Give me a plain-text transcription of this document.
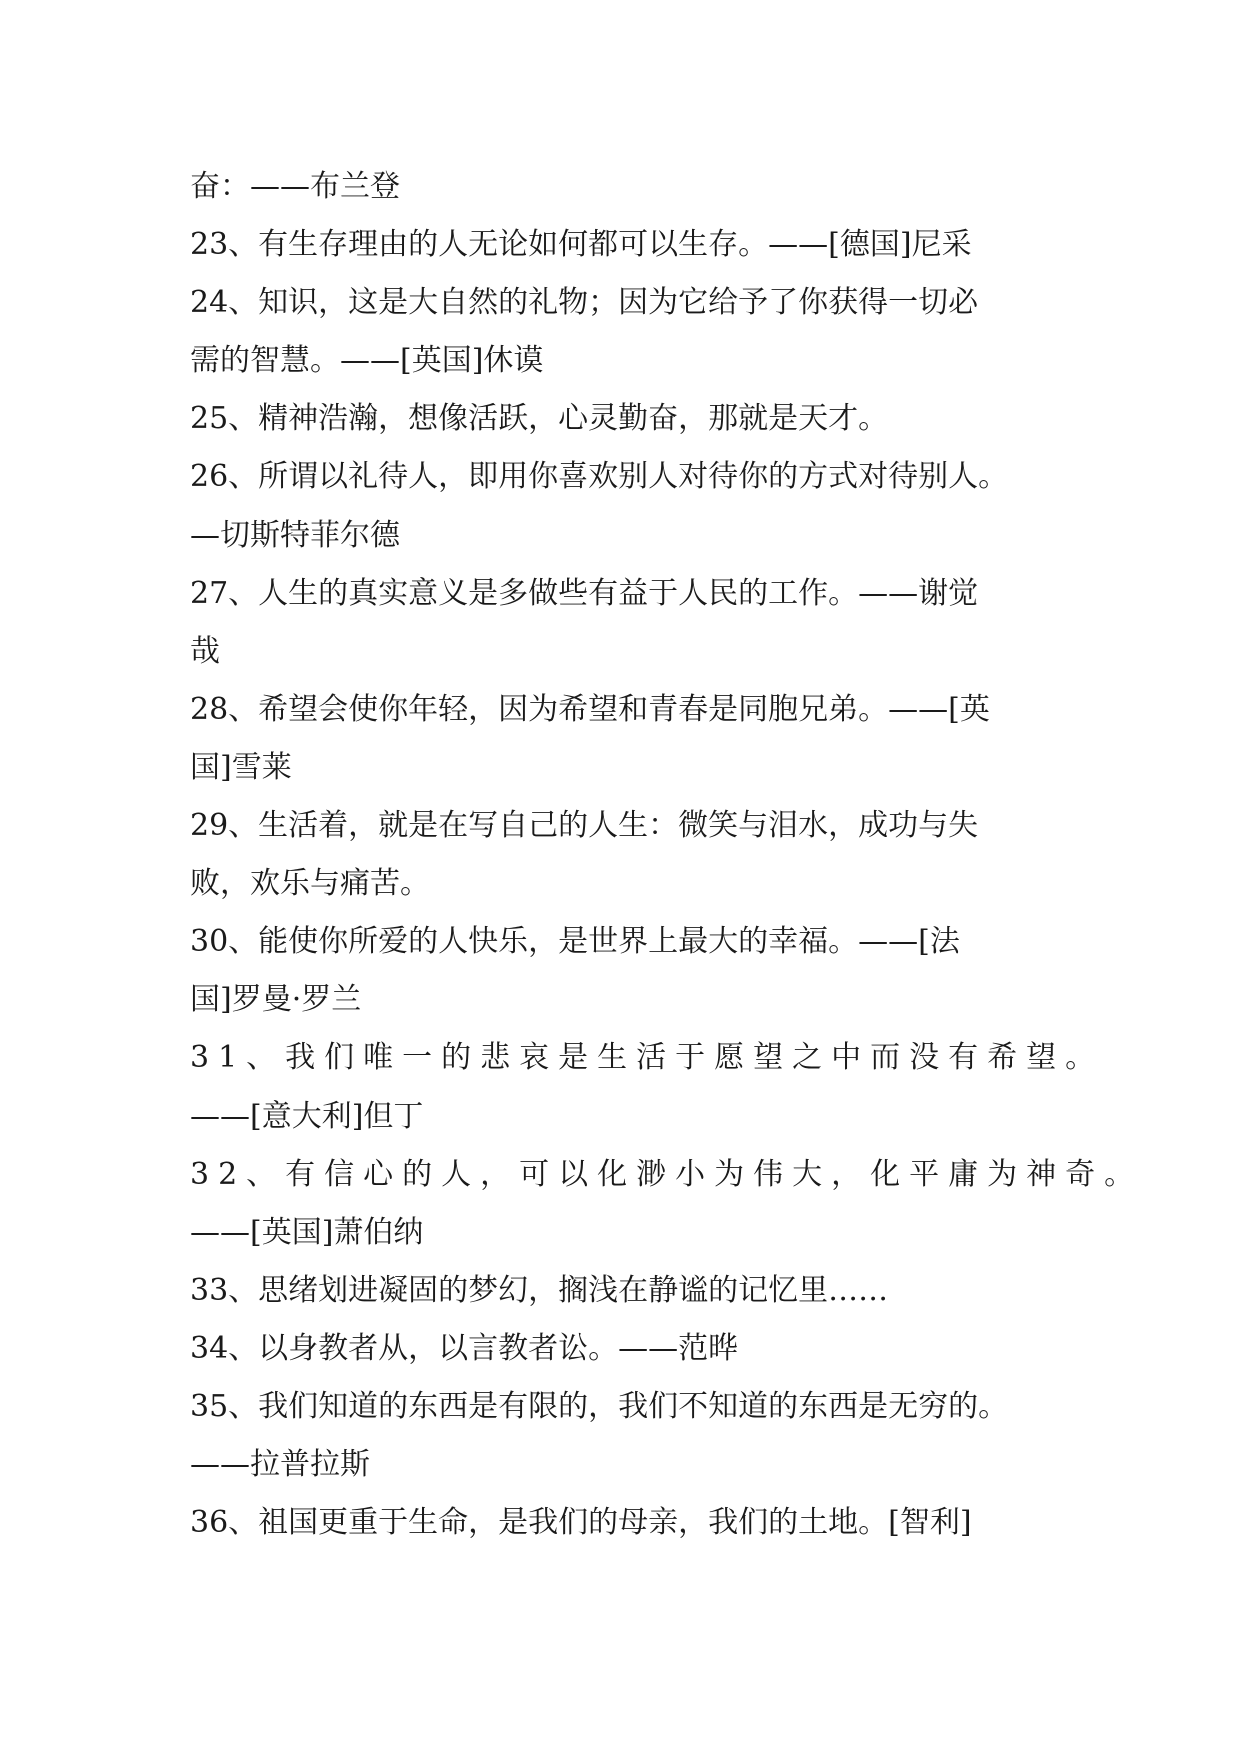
奋：——布兰登
23、有生存理由的人无论如何都可以生存。——[德国]尼采
24、知识，这是大自然的礼物；因为它给予了你获得一切必
需的智慧。——[英国]休谟
25、精神浩瀚，想像活跃，心灵勤奋，那就是天才。
26、所谓以礼待人，即用你喜欢别人对待你的方式对待别人。
—切斯特菲尔德
27、人生的真实意义是多做些有益于人民的工作。——谢觉
哉
28、希望会使你年轻，因为希望和青春是同胞兄弟。——[英
国]雪莱
29、生活着，就是在写自己的人生：微笑与泪水，成功与失
败，欢乐与痛苦。
30、能使你所爱的人快乐，是世界上最大的幸福。——[法
国]罗曼·罗兰
31、我们唯一的悲哀是生活于愿望之中而没有希望。
——[意大利]但丁
32、有信心的人，可以化渺小为伟大，化平庸为神奇。
——[英国]萧伯纳
33、思绪划进凝固的梦幻，搁浅在静谧的记忆里……
34、以身教者从，以言教者讼。——范晔
35、我们知道的东西是有限的，我们不知道的东西是无穷的。
——拉普拉斯
36、祖国更重于生命，是我们的母亲，我们的土地。[智利]
